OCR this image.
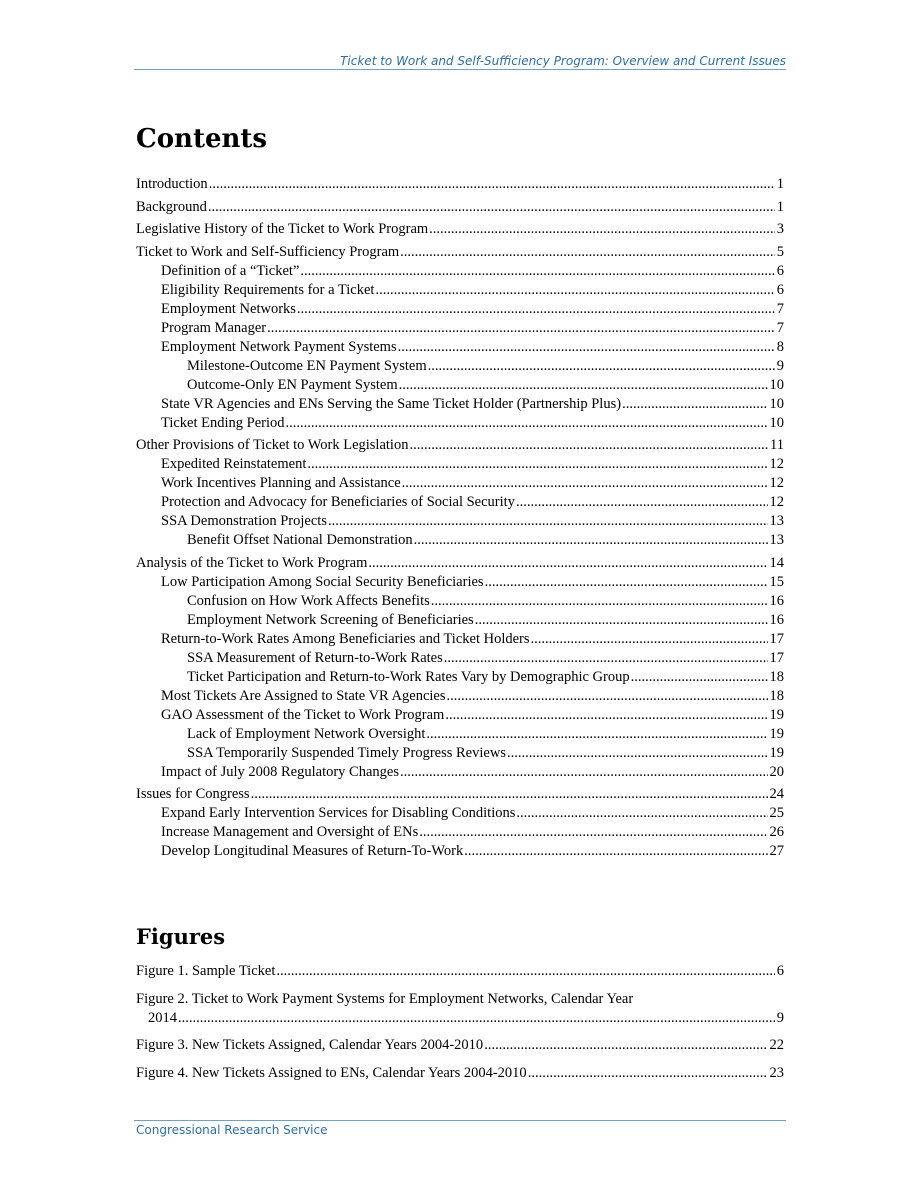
Ticket to Work and Self-Sufficiency Program: Overview and Current Issues
Contents
Introduction .....	1
Background .....	1
Legislative History of the Ticket to Work Program .....	3
Ticket to Work and Self-Sufficiency Program .....	5
Definition of a “Ticket” .....	6
Eligibility Requirements for a Ticket .....	6
Employment Networks .....	7
Program Manager .....	7
Employment Network Payment Systems .....	8
Milestone-Outcome EN Payment System .....	9
Outcome-Only EN Payment System .....	10
State VR Agencies and ENs Serving the Same Ticket Holder (Partnership Plus) .....	10
Ticket Ending Period .....	10
Other Provisions of Ticket to Work Legislation .....	11
Expedited Reinstatement .....	12
Work Incentives Planning and Assistance .....	12
Protection and Advocacy for Beneficiaries of Social Security .....	12
SSA Demonstration Projects .....	13
Benefit Offset National Demonstration .....	13
Analysis of the Ticket to Work Program .....	14
Low Participation Among Social Security Beneficiaries .....	15
Confusion on How Work Affects Benefits .....	16
Employment Network Screening of Beneficiaries .....	16
Return-to-Work Rates Among Beneficiaries and Ticket Holders .....	17
SSA Measurement of Return-to-Work Rates .....	17
Ticket Participation and Return-to-Work Rates Vary by Demographic Group .....	18
Most Tickets Are Assigned to State VR Agencies .....	18
GAO Assessment of the Ticket to Work Program .....	19
Lack of Employment Network Oversight .....	19
SSA Temporarily Suspended Timely Progress Reviews .....	19
Impact of July 2008 Regulatory Changes .....	20
Issues for Congress .....	24
Expand Early Intervention Services for Disabling Conditions .....	25
Increase Management and Oversight of ENs .....	26
Develop Longitudinal Measures of Return-To-Work .....	27
Figures
Figure 1. Sample Ticket .....	6
Figure 2. Ticket to Work Payment Systems for Employment Networks, Calendar Year
2014 .....	9
Figure 3. New Tickets Assigned, Calendar Years 2004-2010 .....	22
Figure 4. New Tickets Assigned to ENs, Calendar Years 2004-2010 .....	23
Congressional Research Service
